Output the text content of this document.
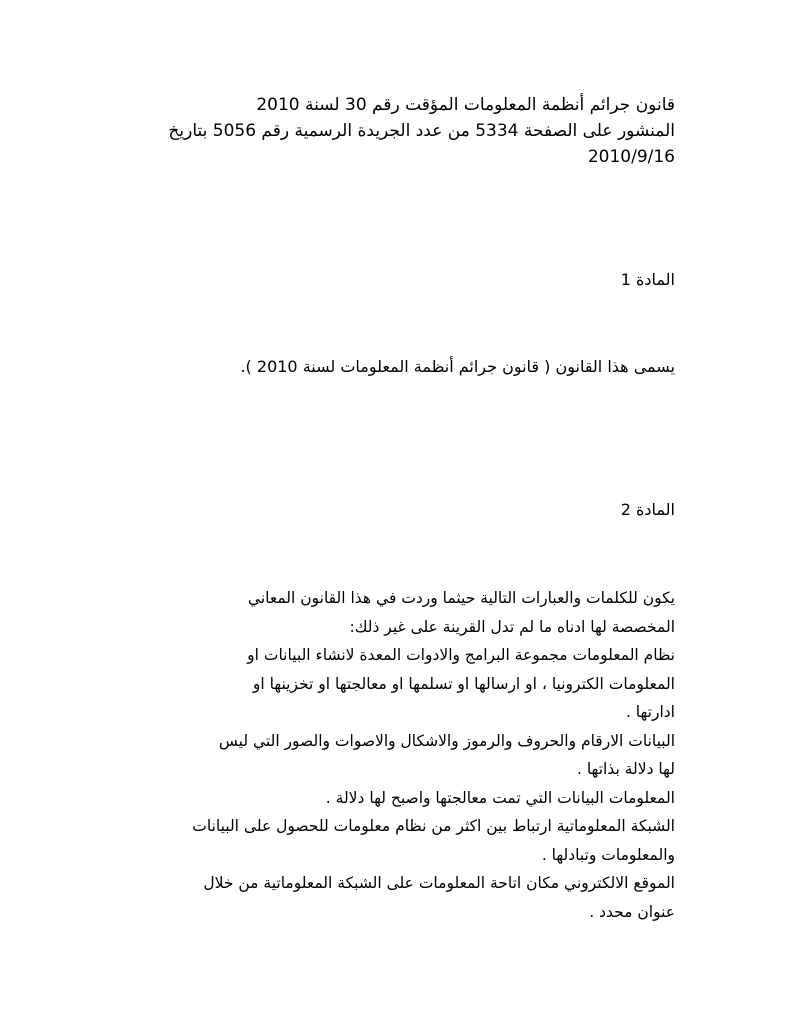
قانون جرائم أنظمة المعلومات المؤقت رقم 30 لسنة 2010
المنشور على الصفحة 5334 من عدد الجريدة الرسمية رقم 5056 بتاريخ
2010/9/16
المادة 1
يسمى هذا القانون ( قانون جرائم أنظمة المعلومات لسنة 2010 ).
المادة 2
يكون للكلمات والعبارات التالية حيثما وردت في هذا القانون المعاني
المخصصة لها ادناه ما لم تدل القرينة على غير ذلك:
نظام المعلومات مجموعة البرامج والادوات المعدة لانشاء البيانات او
المعلومات الكترونيا ، او ارسالها او تسلمها او معالجتها او تخزينها او
ادارتها .
البيانات الارقام والحروف والرموز والاشكال والاصوات والصور التي ليس
لها دلالة بذاتها .
المعلومات البيانات التي تمت معالجتها واصبح لها دلالة .
الشبكة المعلوماتية ارتباط بين اكثر من نظام معلومات للحصول على البيانات
والمعلومات وتبادلها .
الموقع الالكتروني مكان اتاحة المعلومات على الشبكة المعلوماتية من خلال
عنوان محدد .
